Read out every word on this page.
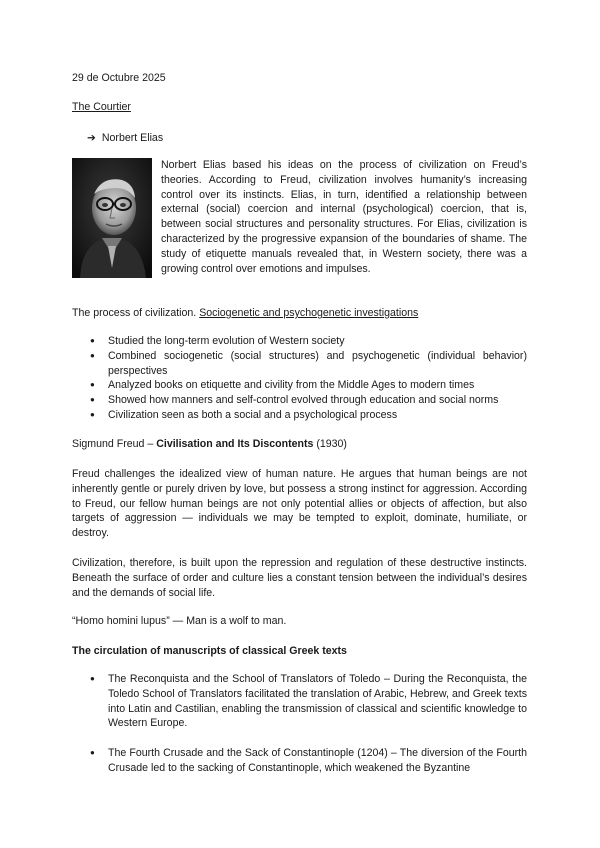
29 de Octubre 2025

The Courtier

➔ Norbert Elias

Norbert Elias based his ideas on the process of civilization on Freud’s theories. According to Freud, civilization involves humanity’s increasing control over its instincts. Elias, in turn, identified a relationship between external (social) coercion and internal (psychological) coercion, that is, between social structures and personality structures. For Elias, civilization is characterized by the progressive expansion of the boundaries of shame. The study of etiquette manuals revealed that, in Western society, there was a growing control over emotions and impulses.

The process of civilization. Sociogenetic and psychogenetic investigations

● Studied the long-term evolution of Western society
● Combined sociogenetic (social structures) and psychogenetic (individual behavior) perspectives
● Analyzed books on etiquette and civility from the Middle Ages to modern times
● Showed how manners and self-control evolved through education and social norms
● Civilization seen as both a social and a psychological process

Sigmund Freud – Civilisation and Its Discontents (1930)

Freud challenges the idealized view of human nature. He argues that human beings are not inherently gentle or purely driven by love, but possess a strong instinct for aggression. According to Freud, our fellow human beings are not only potential allies or objects of affection, but also targets of aggression — individuals we may be tempted to exploit, dominate, humiliate, or destroy.

Civilization, therefore, is built upon the repression and regulation of these destructive instincts. Beneath the surface of order and culture lies a constant tension between the individual’s desires and the demands of social life.

“Homo homini lupus” — Man is a wolf to man.

The circulation of manuscripts of classical Greek texts

● The Reconquista and the School of Translators of Toledo – During the Reconquista, the Toledo School of Translators facilitated the translation of Arabic, Hebrew, and Greek texts into Latin and Castilian, enabling the transmission of classical and scientific knowledge to Western Europe.
● The Fourth Crusade and the Sack of Constantinople (1204) – The diversion of the Fourth Crusade led to the sacking of Constantinople, which weakened the Byzantine
